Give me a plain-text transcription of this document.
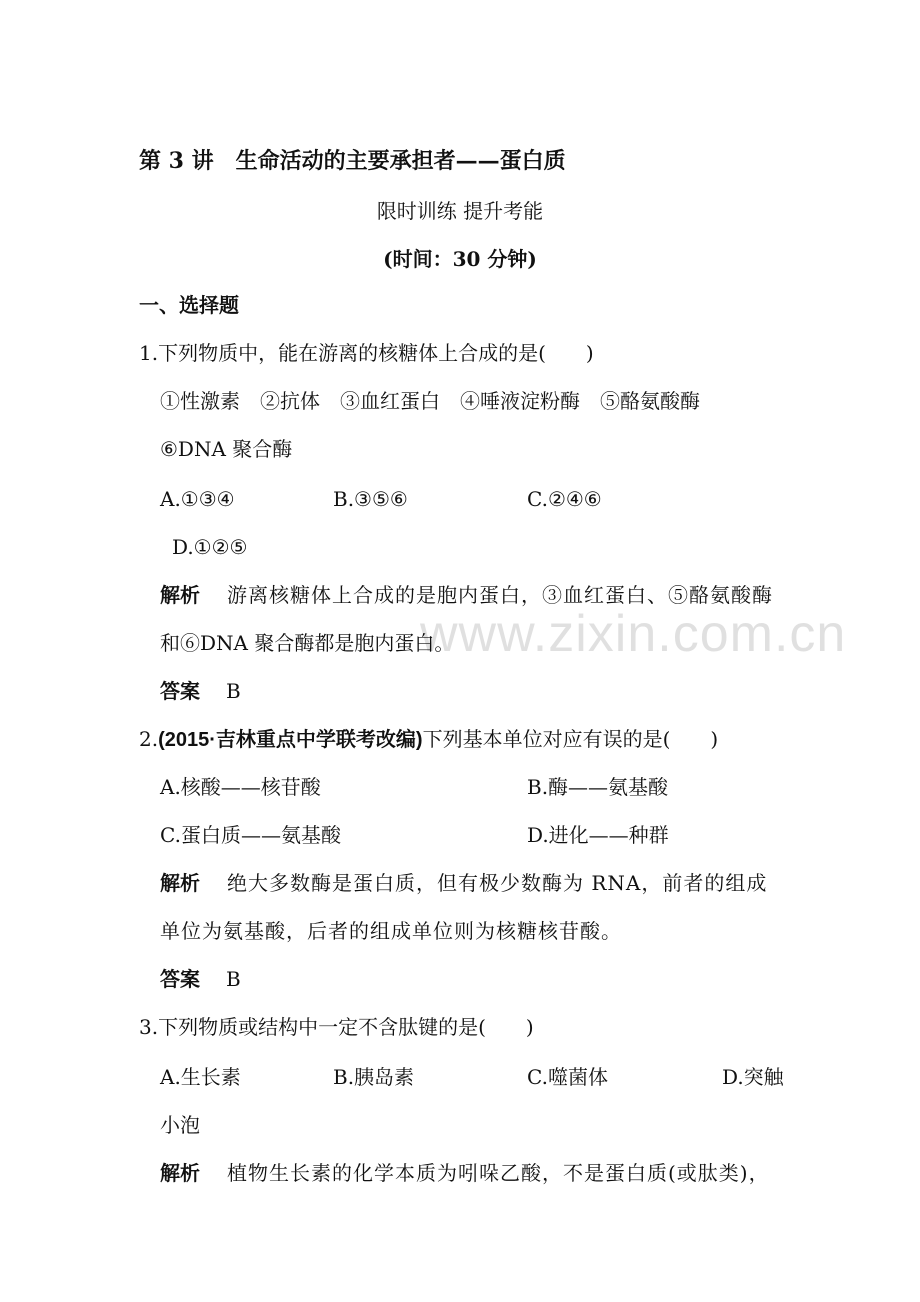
第 3 讲　生命活动的主要承担者——蛋白质
限时训练 提升考能
(时间：30 分钟)
一、选择题
1.下列物质中，能在游离的核糖体上合成的是(　　)
①性激素　②抗体　③血红蛋白　④唾液淀粉酶　⑤酪氨酸酶
⑥DNA 聚合酶
A.①③④	B.③⑤⑥	C.②④⑥
D.①②⑤
解析 游离核糖体上合成的是胞内蛋白，③血红蛋白、⑤酪氨酸酶
和⑥DNA 聚合酶都是胞内蛋白。
答案 B
2.(2015·吉林重点中学联考改编)下列基本单位对应有误的是(　　)
A.核酸——核苷酸	B.酶——氨基酸
C.蛋白质——氨基酸	D.进化——种群
解析 绝大多数酶是蛋白质，但有极少数酶为 RNA，前者的组成
单位为氨基酸，后者的组成单位则为核糖核苷酸。
答案 B
3.下列物质或结构中一定不含肽键的是(　　)
A.生长素	B.胰岛素	C.噬菌体	D.突触
小泡
解析 植物生长素的化学本质为吲哚乙酸，不是蛋白质(或肽类)，
www.zixin.com.cn
